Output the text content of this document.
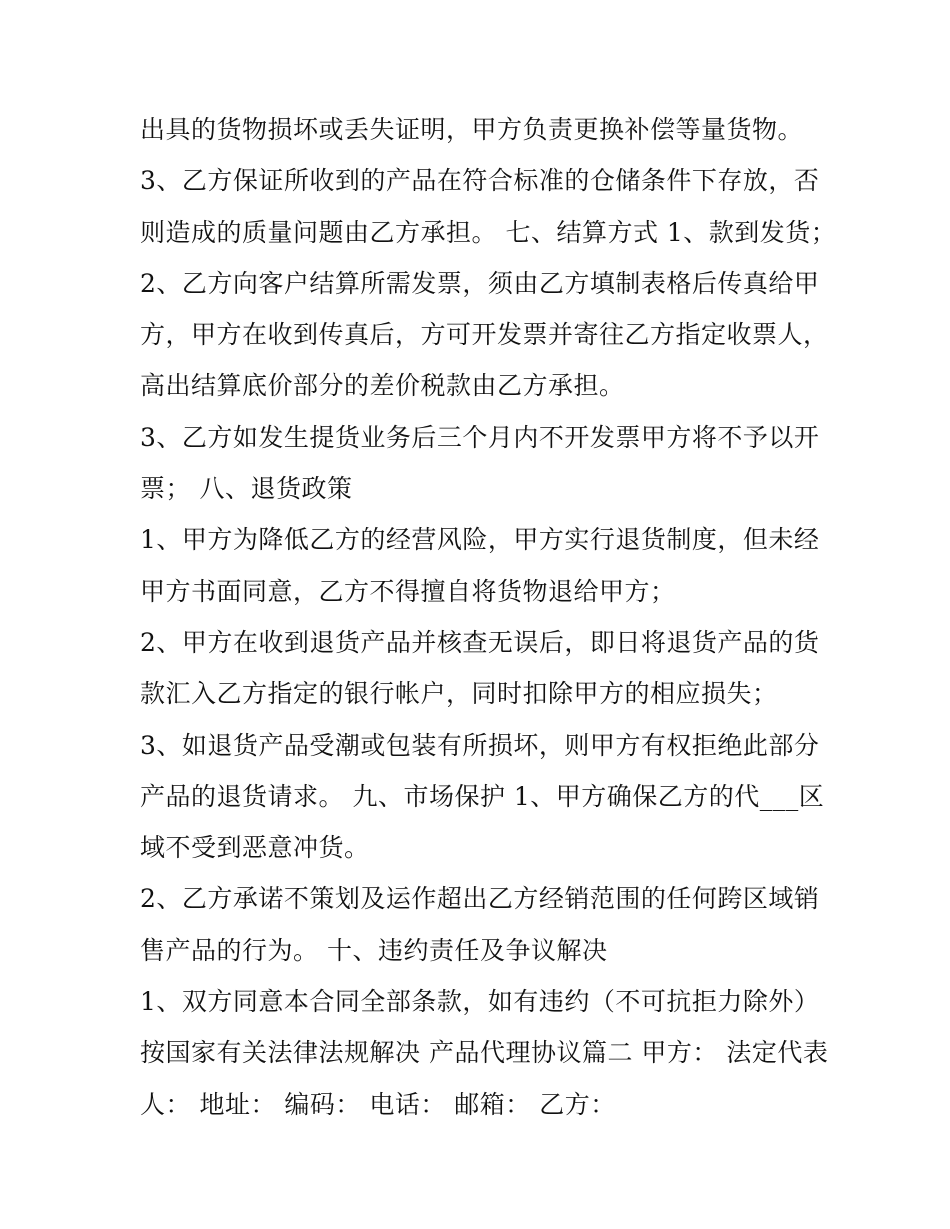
出具的货物损坏或丢失证明，甲方负责更换补偿等量货物。
3、乙方保证所收到的产品在符合标准的仓储条件下存放，否
则造成的质量问题由乙方承担。 七、结算方式 1、款到发货；
2、乙方向客户结算所需发票，须由乙方填制表格后传真给甲
方，甲方在收到传真后，方可开发票并寄往乙方指定收票人，
高出结算底价部分的差价税款由乙方承担。
3、乙方如发生提货业务后三个月内不开发票甲方将不予以开
票； 八、退货政策
1、甲方为降低乙方的经营风险，甲方实行退货制度，但未经
甲方书面同意，乙方不得擅自将货物退给甲方；
2、甲方在收到退货产品并核查无误后，即日将退货产品的货
款汇入乙方指定的银行帐户，同时扣除甲方的相应损失；
3、如退货产品受潮或包装有所损坏，则甲方有权拒绝此部分
产品的退货请求。 九、市场保护 1、甲方确保乙方的代___区
域不受到恶意冲货。
2、乙方承诺不策划及运作超出乙方经销范围的任何跨区域销
售产品的行为。 十、违约责任及争议解决
1、双方同意本合同全部条款，如有违约（不可抗拒力除外）
按国家有关法律法规解决 产品代理协议篇二 甲方： 法定代表
人： 地址： 编码： 电话： 邮箱： 乙方：
